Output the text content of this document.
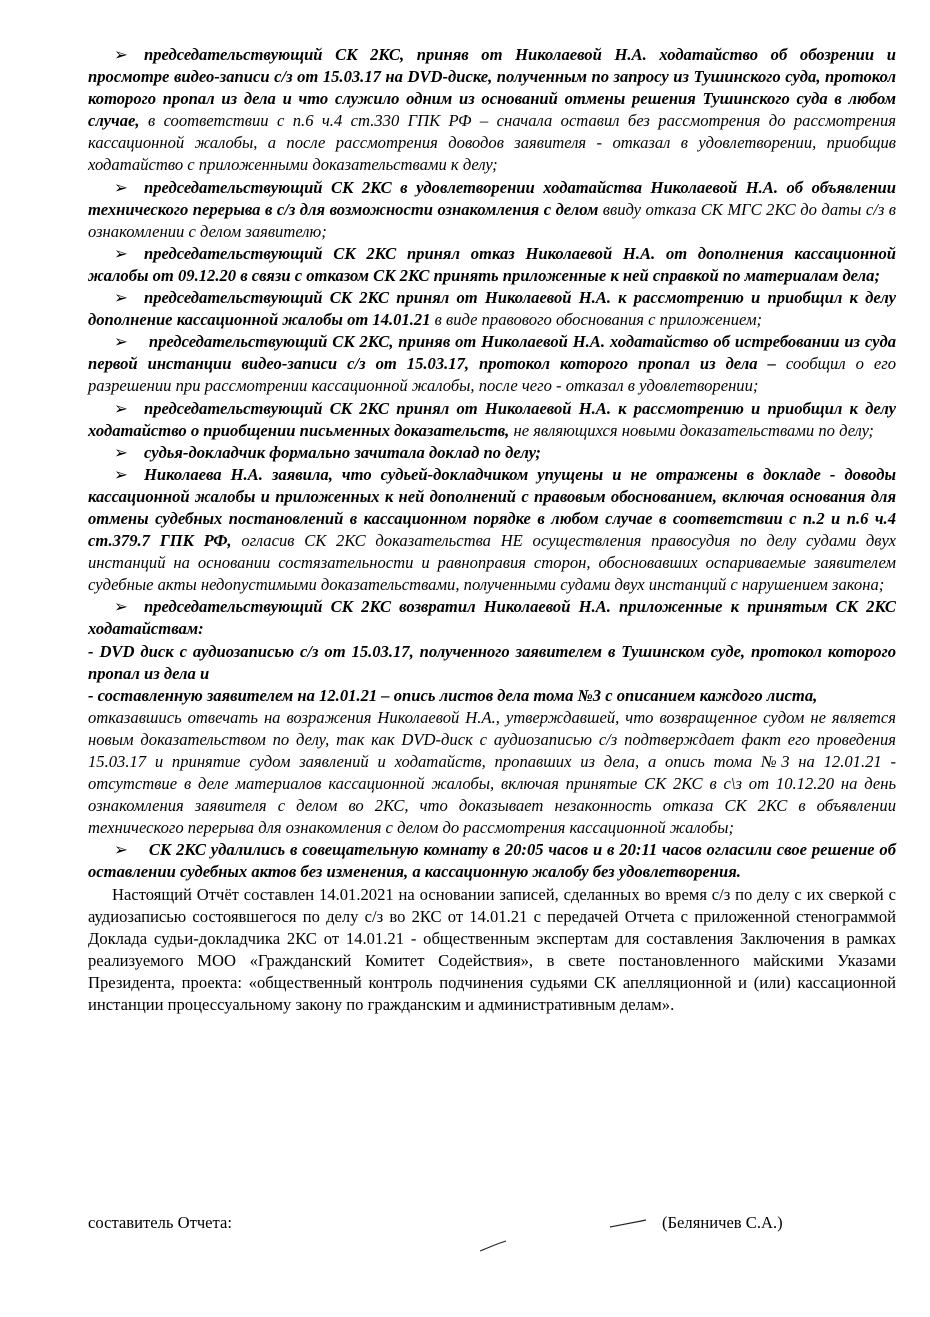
➢ председательствующий СК 2КС, приняв от Николаевой Н.А. ходатайство об обозрении и просмотре видео-записи с/з от 15.03.17 на DVD-диске, полученным по запросу из Тушинского суда, протокол которого пропал из дела и что служило одним из оснований отмены решения Тушинского суда в любом случае, в соответствии с п.6 ч.4 ст.330 ГПК РФ – сначала оставил без рассмотрения до рассмотрения кассационной жалобы, а после рассмотрения доводов заявителя - отказал в удовлетворении, приобщив ходатайство с приложенными доказательствами к делу;

➢ председательствующий СК 2КС в удовлетворении ходатайства Николаевой Н.А. об объявлении технического перерыва в с/з для возможности ознакомления с делом ввиду отказа СК МГС 2КС до даты с/з в ознакомлении с делом заявителю;

➢ председательствующий СК 2КС принял отказ Николаевой Н.А. от дополнения кассационной жалобы от 09.12.20 в связи с отказом СК 2КС принять приложенные к ней справкой по материалам дела;

➢ председательствующий СК 2КС принял от Николаевой Н.А. к рассмотрению и приобщил к делу дополнение кассационной жалобы от 14.01.21 в виде правового обоснования с приложением;

➢ председательствующий СК 2КС, приняв от Николаевой Н.А. ходатайство об истребовании из суда первой инстанции видео-записи с/з от 15.03.17, протокол которого пропал из дела – сообщил о его разрешении при рассмотрении кассационной жалобы, после чего - отказал в удовлетворении;

➢ председательствующий СК 2КС принял от Николаевой Н.А. к рассмотрению и приобщил к делу ходатайство о приобщении письменных доказательств, не являющихся новыми доказательствами по делу;

➢ судья-докладчик формально зачитала доклад по делу;

➢ Николаева Н.А. заявила, что судьей-докладчиком упущены и не отражены в докладе - доводы кассационной жалобы и приложенных к ней дополнений с правовым обоснованием, включая основания для отмены судебных постановлений в кассационном порядке в любом случае в соответствии с п.2 и п.6 ч.4 ст.379.7 ГПК РФ, огласив СК 2КС доказательства НЕ осуществления правосудия по делу судами двух инстанций на основании состязательности и равноправия сторон, обосновавших оспариваемые заявителем судебные акты недопустимыми доказательствами, полученными судами двух инстанций с нарушением закона;

➢ председательствующий СК 2КС возвратил Николаевой Н.А. приложенные к принятым СК 2КС ходатайствам:

- DVD диск с аудиозаписью с/з от 15.03.17, полученного заявителем в Тушинском суде, протокол которого пропал из дела и

- составленную заявителем на 12.01.21 – опись листов дела тома №3 с описанием каждого листа,

отказавшись отвечать на возражения Николаевой Н.А., утверждавшей, что возвращенное судом не является новым доказательством по делу, так как DVD-диск с аудиозаписью с/з подтверждает факт его проведения 15.03.17 и принятие судом заявлений и ходатайств, пропавших из дела, а опись тома №3 на 12.01.21 - отсутствие в деле материалов кассационной жалобы, включая принятые СК 2КС в с\з от 10.12.20 на день ознакомления заявителя с делом во 2КС, что доказывает незаконность отказа СК 2КС в объявлении технического перерыва для ознакомления с делом до рассмотрения кассационной жалобы;

➢ СК 2КС удалились в совещательную комнату в 20:05 часов и в 20:11 часов огласили свое решение об оставлении судебных актов без изменения, а кассационную жалобу без удовлетворения.

Настоящий Отчёт составлен 14.01.2021 на основании записей, сделанных во время с/з по делу с их сверкой с аудиозаписью состоявшегося по делу с/з во 2КС от 14.01.21 с передачей Отчета с приложенной стенограммой Доклада судьи-докладчика 2КС от 14.01.21 - общественным экспертам для составления Заключения в рамках реализуемого МОО «Гражданский Комитет Содействия», в свете постановленного майскими Указами Президента, проекта: «общественный контроль подчинения судьями СК апелляционной и (или) кассационной инстанции процессуальному закону по гражданским и административным делам».

составитель Отчета:	(Беляничев С.А.)
